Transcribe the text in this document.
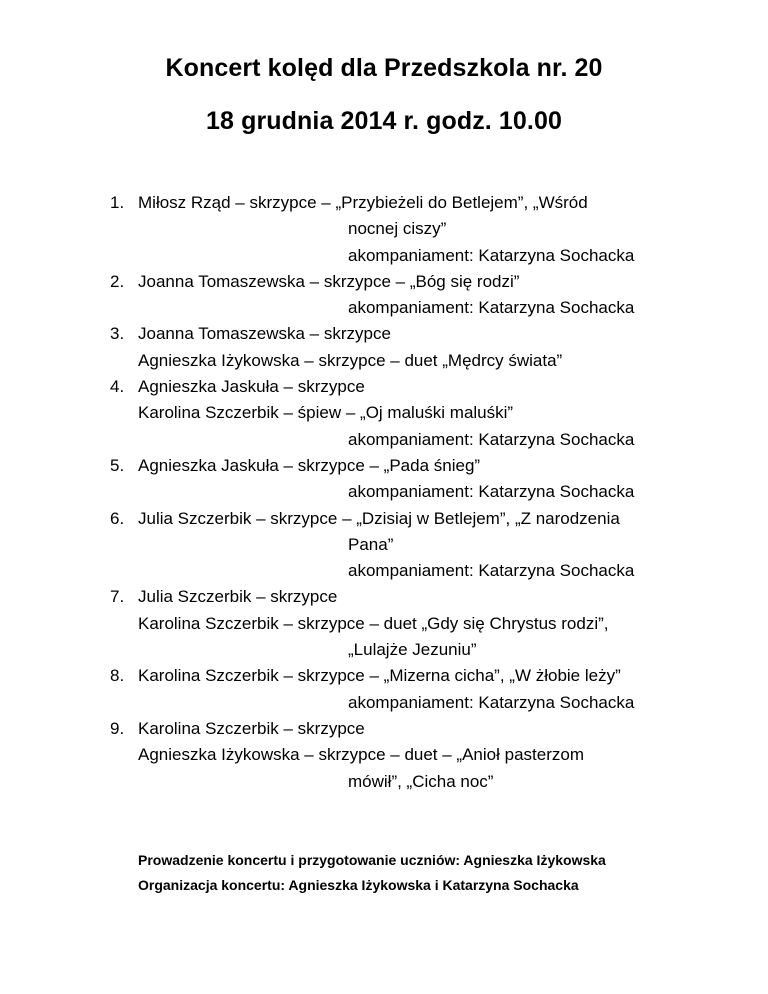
Koncert kolęd dla Przedszkola nr. 20
18 grudnia 2014 r. godz. 10.00
1. Miłosz Rząd – skrzypce – „Przybieżeli do Betlejem”, „Wśród
nocnej ciszy”
akompaniament: Katarzyna Sochacka
2. Joanna Tomaszewska – skrzypce – „Bóg się rodzi”
akompaniament: Katarzyna Sochacka
3. Joanna Tomaszewska – skrzypce
Agnieszka Iżykowska – skrzypce – duet „Mędrcy świata”
4. Agnieszka Jaskuła – skrzypce
Karolina Szczerbik – śpiew – „Oj maluśki maluśki”
akompaniament: Katarzyna Sochacka
5. Agnieszka Jaskuła – skrzypce – „Pada śnieg”
akompaniament: Katarzyna Sochacka
6. Julia Szczerbik – skrzypce – „Dzisiaj w Betlejem”, „Z narodzenia
Pana”
akompaniament: Katarzyna Sochacka
7. Julia Szczerbik – skrzypce
Karolina Szczerbik – skrzypce – duet „Gdy się Chrystus rodzi”,
„Lulajże Jezuniu”
8. Karolina Szczerbik – skrzypce – „Mizerna cicha”, „W żłobie leży”
akompaniament: Katarzyna Sochacka
9. Karolina Szczerbik – skrzypce
Agnieszka Iżykowska – skrzypce – duet – „Anioł pasterzom
mówił”, „Cicha noc”
Prowadzenie koncertu i przygotowanie uczniów: Agnieszka Iżykowska
Organizacja koncertu: Agnieszka Iżykowska i Katarzyna Sochacka
